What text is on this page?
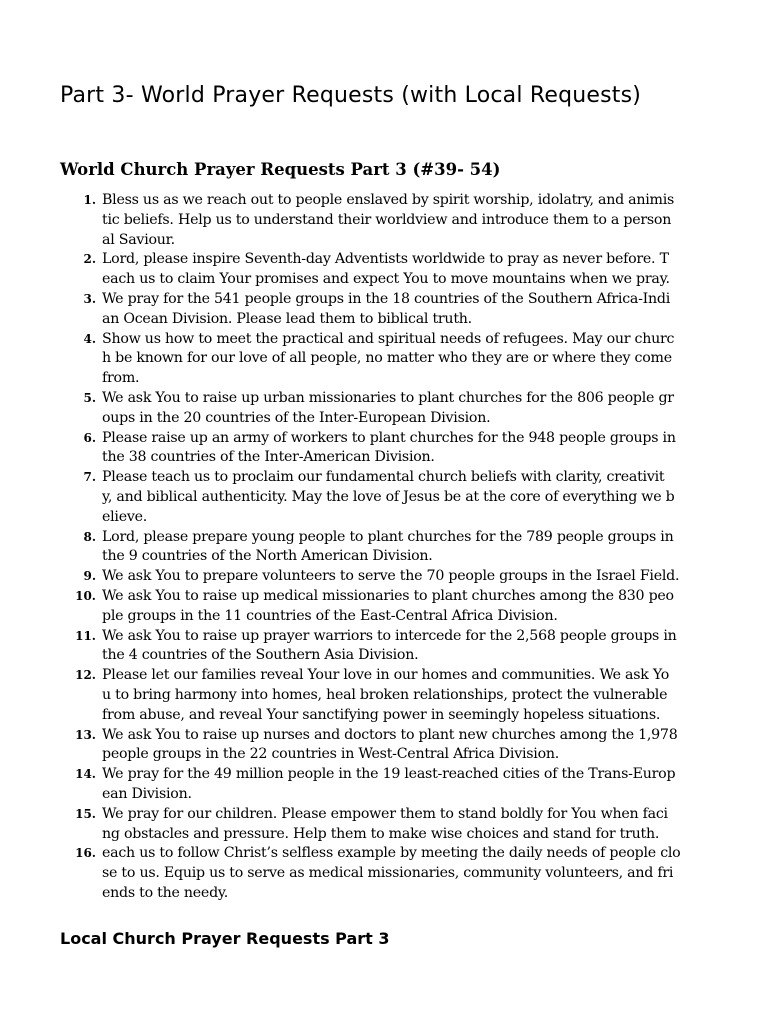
Part 3- World Prayer Requests (with Local Requests)
World Church Prayer Requests Part 3 (#39- 54)
1. Bless us as we reach out to people enslaved by spirit worship, idolatry, and animis
tic beliefs. Help us to understand their worldview and introduce them to a person
al Saviour.
2. Lord, please inspire Seventh-day Adventists worldwide to pray as never before. T
each us to claim Your promises and expect You to move mountains when we pray.
3. We pray for the 541 people groups in the 18 countries of the Southern Africa-Indi
an Ocean Division. Please lead them to biblical truth.
4. Show us how to meet the practical and spiritual needs of refugees. May our churc
h be known for our love of all people, no matter who they are or where they come
from.
5. We ask You to raise up urban missionaries to plant churches for the 806 people gr
oups in the 20 countries of the Inter-European Division.
6. Please raise up an army of workers to plant churches for the 948 people groups in
the 38 countries of the Inter-American Division.
7. Please teach us to proclaim our fundamental church beliefs with clarity, creativit
y, and biblical authenticity. May the love of Jesus be at the core of everything we b
elieve.
8. Lord, please prepare young people to plant churches for the 789 people groups in
the 9 countries of the North American Division.
9. We ask You to prepare volunteers to serve the 70 people groups in the Israel Field.
10. We ask You to raise up medical missionaries to plant churches among the 830 peo
ple groups in the 11 countries of the East-Central Africa Division.
11. We ask You to raise up prayer warriors to intercede for the 2,568 people groups in
the 4 countries of the Southern Asia Division.
12. Please let our families reveal Your love in our homes and communities. We ask Yo
u to bring harmony into homes, heal broken relationships, protect the vulnerable
from abuse, and reveal Your sanctifying power in seemingly hopeless situations.
13. We ask You to raise up nurses and doctors to plant new churches among the 1,978
people groups in the 22 countries in West-Central Africa Division.
14. We pray for the 49 million people in the 19 least-reached cities of the Trans-Europ
ean Division.
15. We pray for our children. Please empower them to stand boldly for You when faci
ng obstacles and pressure. Help them to make wise choices and stand for truth.
16. each us to follow Christ’s selfless example by meeting the daily needs of people clo
se to us. Equip us to serve as medical missionaries, community volunteers, and fri
ends to the needy.
Local Church Prayer Requests Part 3
